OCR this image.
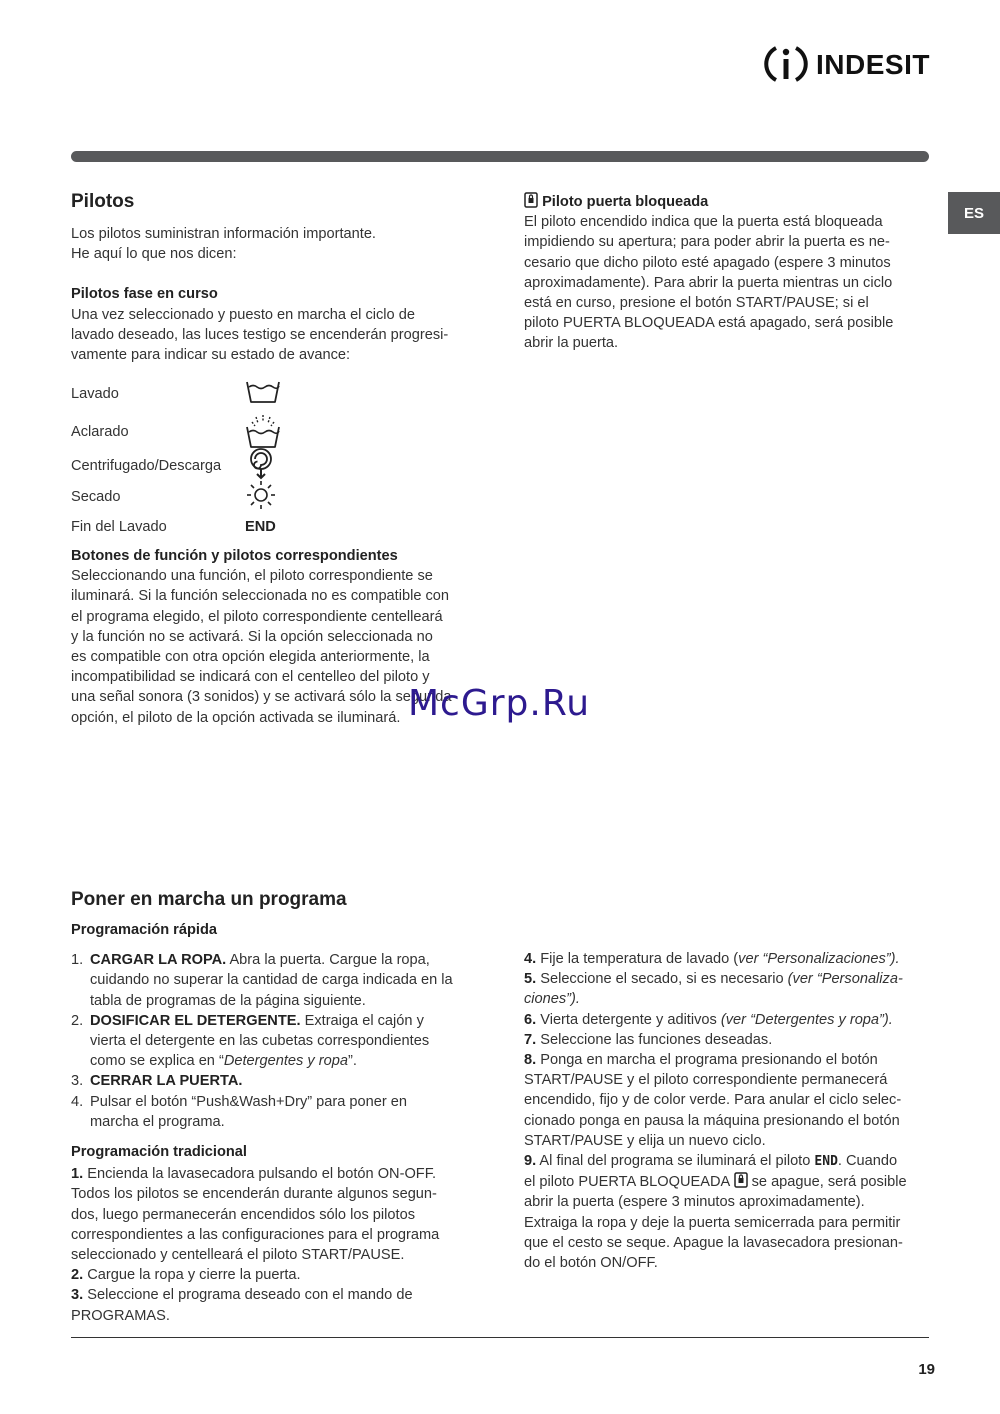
INDESIT
ES
Pilotos

Los pilotos suministran información importante.

He aquí lo que nos dicen:

Pilotos fase en curso

Una vez seleccionado y puesto en marcha el ciclo de

lavado deseado, las luces testigo se encenderán progresi-

vamente para indicar su estado de avance:

Lavado
Aclarado
Centrifugado/Descarga
Secado
Fin del Lavado	END
Botones de función y pilotos correspondientes

Seleccionando una función, el piloto correspondiente se

iluminará. Si la función seleccionada no es compatible con

el programa elegido, el piloto correspondiente centelleará

y la función no se activará. Si la opción seleccionada no

es compatible con otra opción elegida anteriormente, la

incompatibilidad se indicará con el centelleo del piloto y

una señal sonora (3 sonidos) y se activará sólo la segunda

opción, el piloto de la opción activada se iluminará.

Piloto puerta bloqueada

El piloto encendido indica que la puerta está bloqueada

impidiendo su apertura; para poder abrir la puerta es ne-

cesario que dicho piloto esté apagado (espere 3 minutos

aproximadamente). Para abrir la puerta mientras un ciclo

está en curso, presione el botón START/PAUSE; si el

piloto PUERTA BLOQUEADA está apagado, será posible

abrir la puerta.

McGrp.Ru
Poner en marcha un programa
Programación rápida
1. CARGAR LA ROPA. Abra la puerta. Cargue la ropa,

cuidando no superar la cantidad de carga indicada en la

tabla de programas de la página siguiente.

2. DOSIFICAR EL DETERGENTE. Extraiga el cajón y

vierta el detergente en las cubetas correspondientes

como se explica en “Detergentes y ropa”.

3. CERRAR LA PUERTA.

4. Pulsar el botón “Push&Wash+Dry” para poner en

marcha el programa.

Programación tradicional

1. Encienda la lavasecadora pulsando el botón ON-OFF.

Todos los pilotos se encenderán durante algunos segun-

dos, luego permanecerán encendidos sólo los pilotos

correspondientes a las configuraciones para el programa

seleccionado y centelleará el piloto START/PAUSE.

2. Cargue la ropa y cierre la puerta.

3. Seleccione el programa deseado con el mando de

PROGRAMAS.

4. Fije la temperatura de lavado (ver “Personalizaciones”).

5. Seleccione el secado, si es necesario (ver “Personaliza-

ciones”).

6. Vierta detergente y aditivos (ver “Detergentes y ropa”).

7. Seleccione las funciones deseadas.

8. Ponga en marcha el programa presionando el botón

START/PAUSE y el piloto correspondiente permanecerá

encendido, fijo y de color verde. Para anular el ciclo selec-

cionado ponga en pausa la máquina presionando el botón

START/PAUSE y elija un nuevo ciclo.

9. Al final del programa se iluminará el piloto END. Cuando

el piloto PUERTA BLOQUEADA  se apague, será posible

abrir la puerta (espere 3 minutos aproximadamente).

Extraiga la ropa y deje la puerta semicerrada para permitir

que el cesto se seque. Apague la lavasecadora presionan-

do el botón ON/OFF.

19
